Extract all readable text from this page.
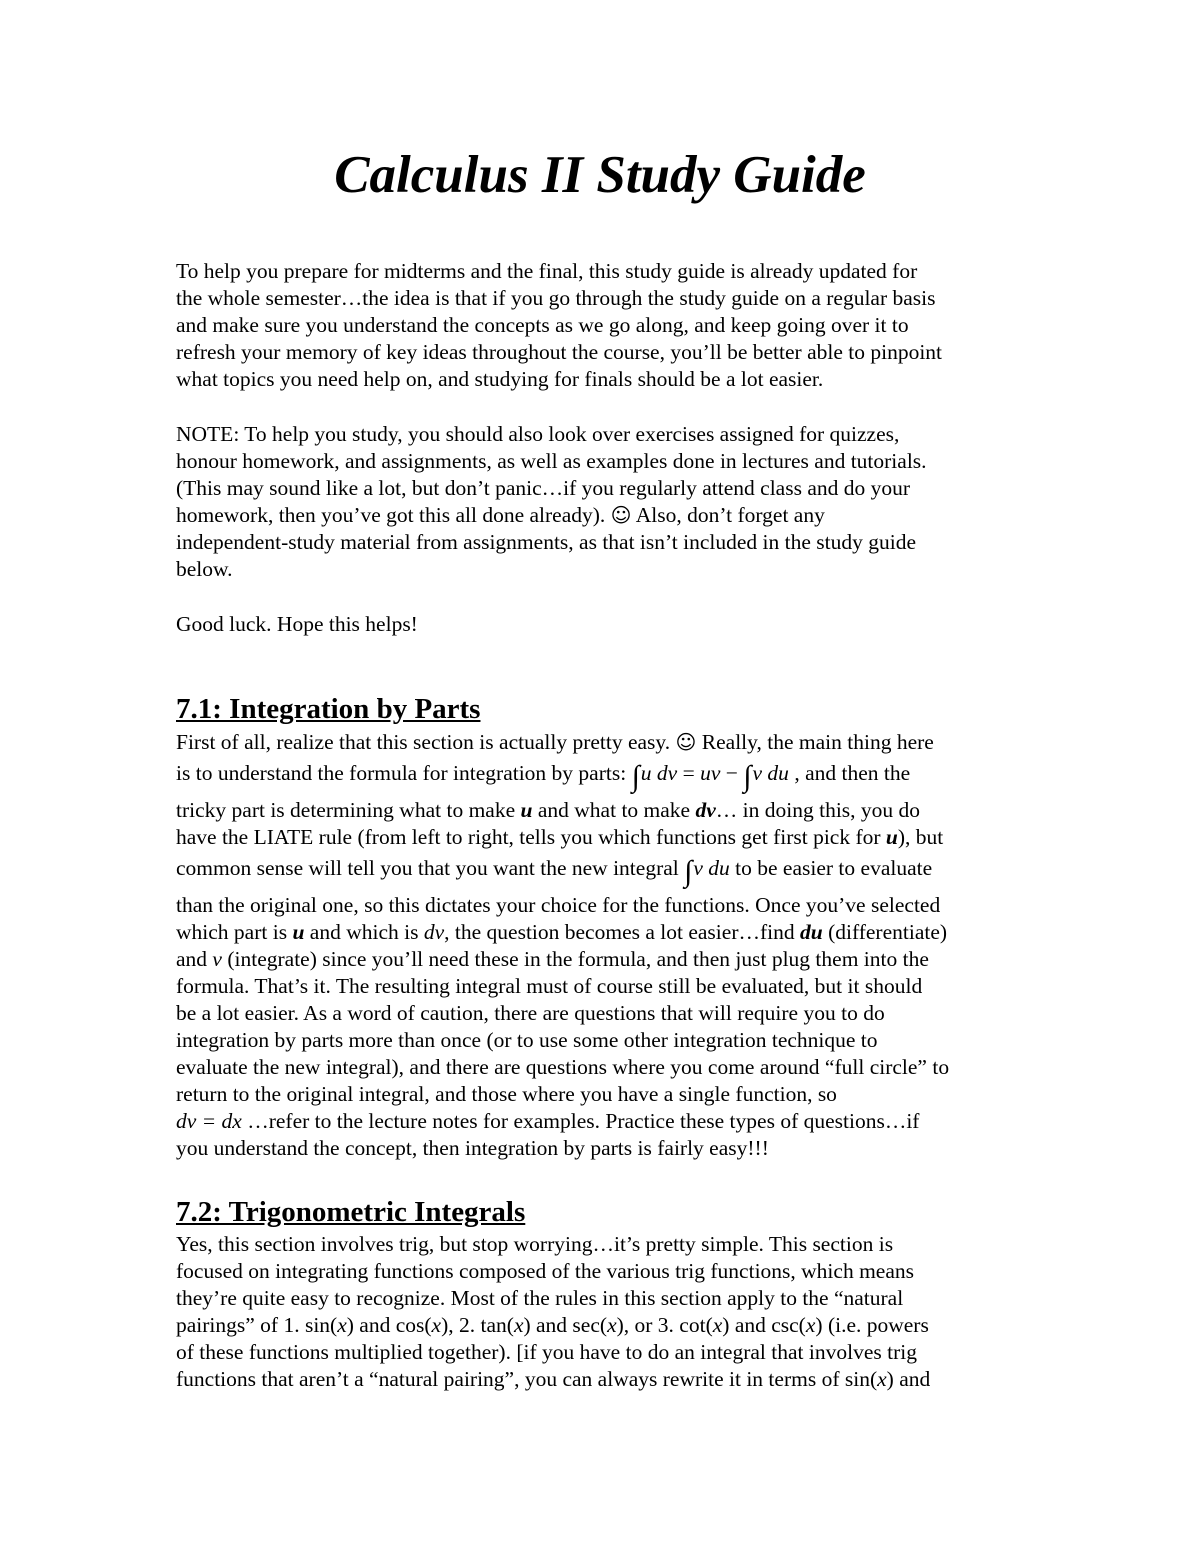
Calculus II Study Guide
To help you prepare for midterms and the final, this study guide is already updated for
the whole semester…the idea is that if you go through the study guide on a regular basis
and make sure you understand the concepts as we go along, and keep going over it to
refresh your memory of key ideas throughout the course, you’ll be better able to pinpoint
what topics you need help on, and studying for finals should be a lot easier.
NOTE: To help you study, you should also look over exercises assigned for quizzes,
honour homework, and assignments, as well as examples done in lectures and tutorials.
(This may sound like a lot, but don’t panic…if you regularly attend class and do your
homework, then you’ve got this all done already). ☺ Also, don’t forget any
independent-study material from assignments, as that isn’t included in the study guide
below.
Good luck. Hope this helps!
7.1: Integration by Parts
First of all, realize that this section is actually pretty easy. ☺ Really, the main thing here
is to understand the formula for integration by parts: ∫u dv = uv − ∫v du , and then the
tricky part is determining what to make u and what to make dv… in doing this, you do
have the LIATE rule (from left to right, tells you which functions get first pick for u), but
common sense will tell you that you want the new integral ∫v du to be easier to evaluate
than the original one, so this dictates your choice for the functions. Once you’ve selected
which part is u and which is dv, the question becomes a lot easier…find du (differentiate)
and v (integrate) since you’ll need these in the formula, and then just plug them into the
formula. That’s it. The resulting integral must of course still be evaluated, but it should
be a lot easier. As a word of caution, there are questions that will require you to do
integration by parts more than once (or to use some other integration technique to
evaluate the new integral), and there are questions where you come around “full circle” to
return to the original integral, and those where you have a single function, so
dv = dx …refer to the lecture notes for examples. Practice these types of questions…if
you understand the concept, then integration by parts is fairly easy!!!
7.2: Trigonometric Integrals
Yes, this section involves trig, but stop worrying…it’s pretty simple. This section is
focused on integrating functions composed of the various trig functions, which means
they’re quite easy to recognize. Most of the rules in this section apply to the “natural
pairings” of 1. sin(x) and cos(x), 2. tan(x) and sec(x), or 3. cot(x) and csc(x) (i.e. powers
of these functions multiplied together). [if you have to do an integral that involves trig
functions that aren’t a “natural pairing”, you can always rewrite it in terms of sin(x) and
